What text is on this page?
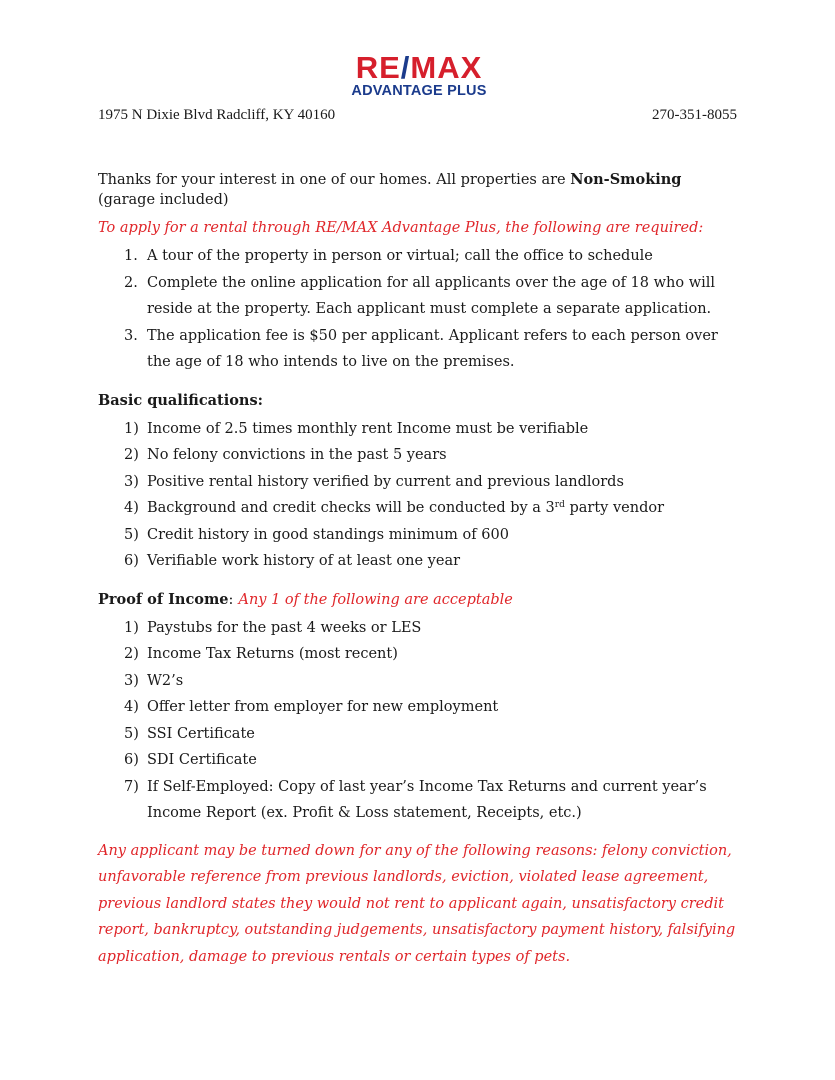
RE/MAX
ADVANTAGE PLUS
1975 N Dixie Blvd Radcliff, KY 40160	270-351-8055

Thanks for your interest in one of our homes. All properties are Non-Smoking (garage included)

To apply for a rental through RE/MAX Advantage Plus, the following are required:

1. A tour of the property in person or virtual; call the office to schedule
2. Complete the online application for all applicants over the age of 18 who will reside at the property. Each applicant must complete a separate application.
3. The application fee is $50 per applicant. Applicant refers to each person over the age of 18 who intends to live on the premises.

Basic qualifications:

1) Income of 2.5 times monthly rent Income must be verifiable
2) No felony convictions in the past 5 years
3) Positive rental history verified by current and previous landlords
4) Background and credit checks will be conducted by a 3rd party vendor
5) Credit history in good standings minimum of 600
6) Verifiable work history of at least one year

Proof of Income: Any 1 of the following are acceptable

1) Paystubs for the past 4 weeks or LES
2) Income Tax Returns (most recent)
3) W2’s
4) Offer letter from employer for new employment
5) SSI Certificate
6) SDI Certificate
7) If Self-Employed: Copy of last year’s Income Tax Returns and current year’s Income Report (ex. Profit & Loss statement, Receipts, etc.)

Any applicant may be turned down for any of the following reasons: felony conviction, unfavorable reference from previous landlords, eviction, violated lease agreement, previous landlord states they would not rent to applicant again, unsatisfactory credit report, bankruptcy, outstanding judgements, unsatisfactory payment history, falsifying application, damage to previous rentals or certain types of pets.
